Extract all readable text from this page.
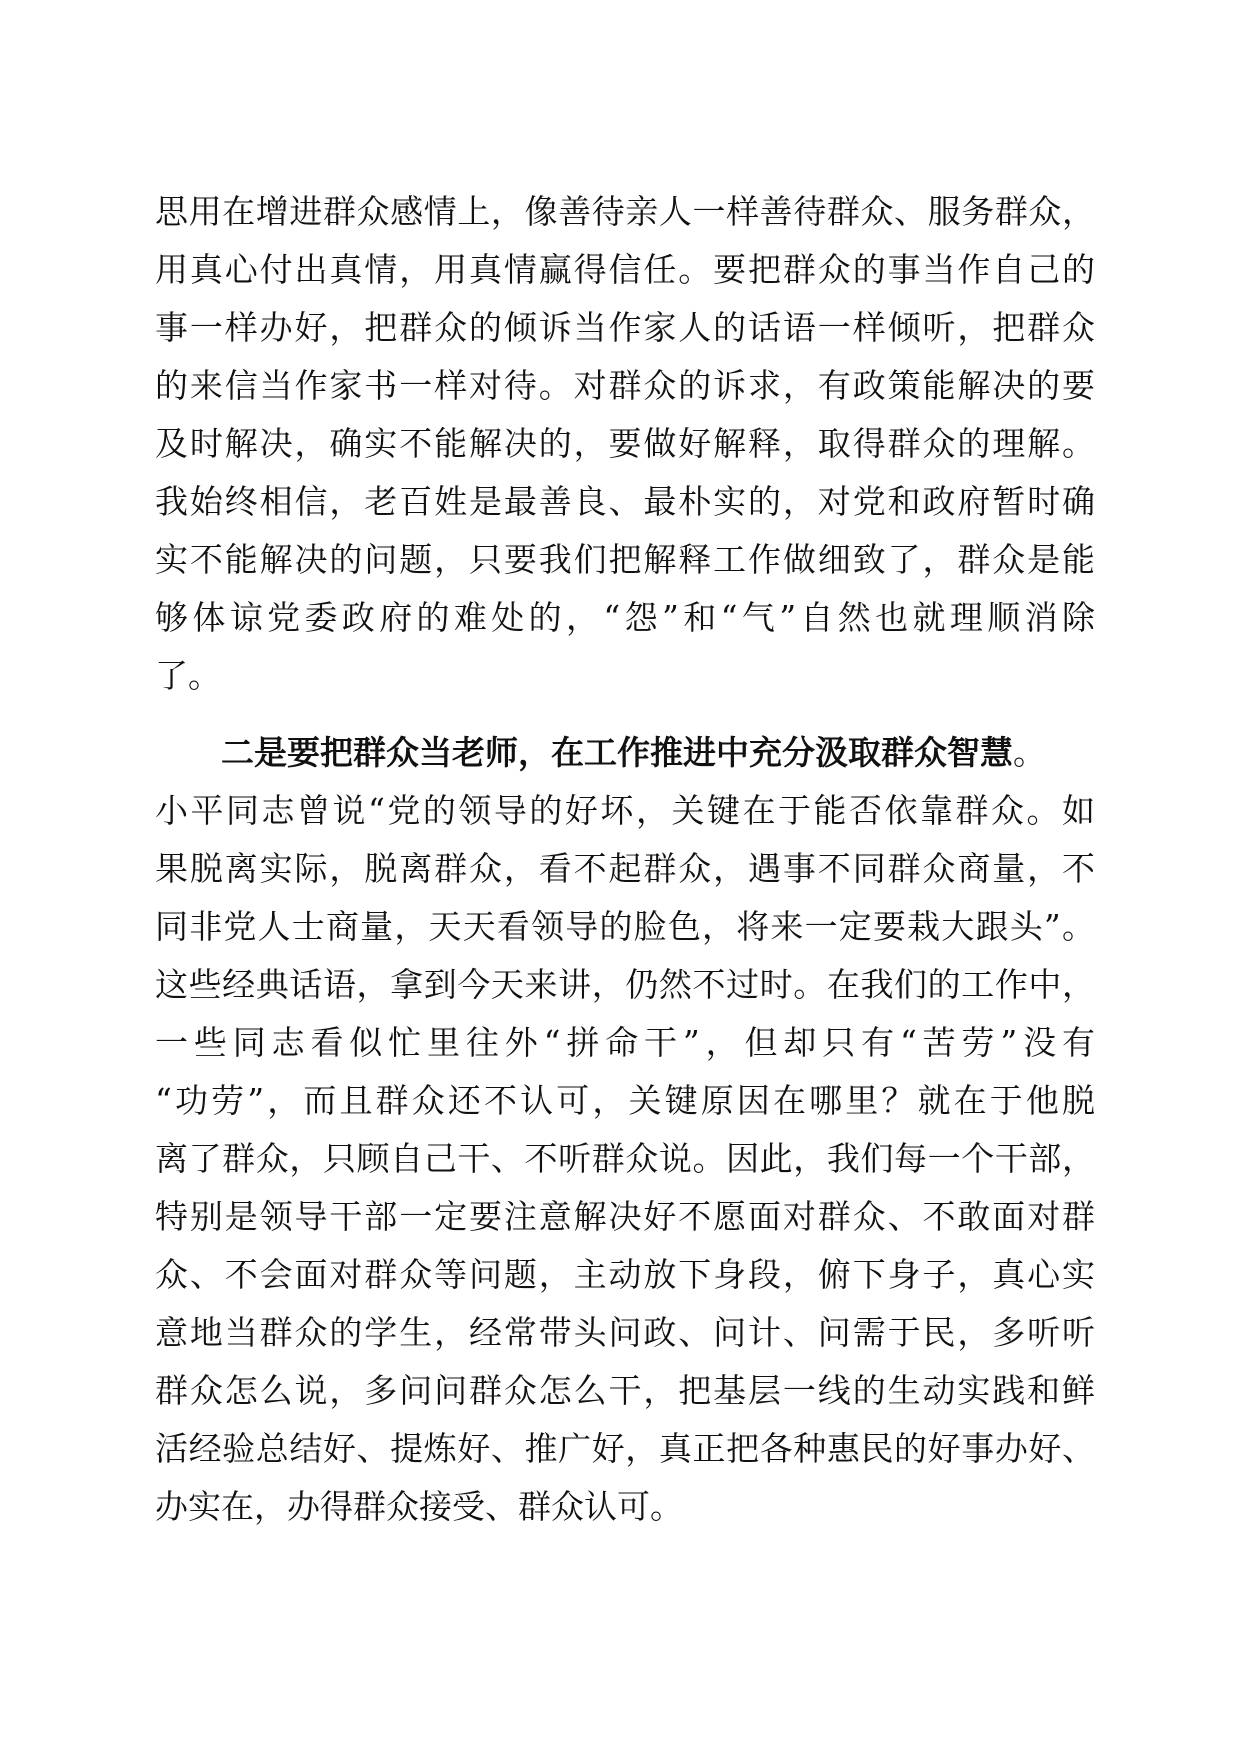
思用在增进群众感情上，像善待亲人一样善待群众、服务群众，
用真心付出真情，用真情赢得信任。要把群众的事当作自己的
事一样办好，把群众的倾诉当作家人的话语一样倾听，把群众
的来信当作家书一样对待。对群众的诉求，有政策能解决的要
及时解决，确实不能解决的，要做好解释，取得群众的理解。
我始终相信，老百姓是最善良、最朴实的，对党和政府暂时确
实不能解决的问题，只要我们把解释工作做细致了，群众是能
够体谅党委政府的难处的，“怨”和“气”自然也就理顺消除
了。
二是要把群众当老师，在工作推进中充分汲取群众智慧。
小平同志曾说“党的领导的好坏，关键在于能否依靠群众。如
果脱离实际，脱离群众，看不起群众，遇事不同群众商量，不
同非党人士商量，天天看领导的脸色，将来一定要栽大跟头”。
这些经典话语，拿到今天来讲，仍然不过时。在我们的工作中，
一些同志看似忙里往外“拼命干”，但却只有“苦劳”没有
“功劳”，而且群众还不认可，关键原因在哪里？就在于他脱
离了群众，只顾自己干、不听群众说。因此，我们每一个干部，
特别是领导干部一定要注意解决好不愿面对群众、不敢面对群
众、不会面对群众等问题，主动放下身段，俯下身子，真心实
意地当群众的学生，经常带头问政、问计、问需于民，多听听
群众怎么说，多问问群众怎么干，把基层一线的生动实践和鲜
活经验总结好、提炼好、推广好，真正把各种惠民的好事办好、
办实在，办得群众接受、群众认可。
